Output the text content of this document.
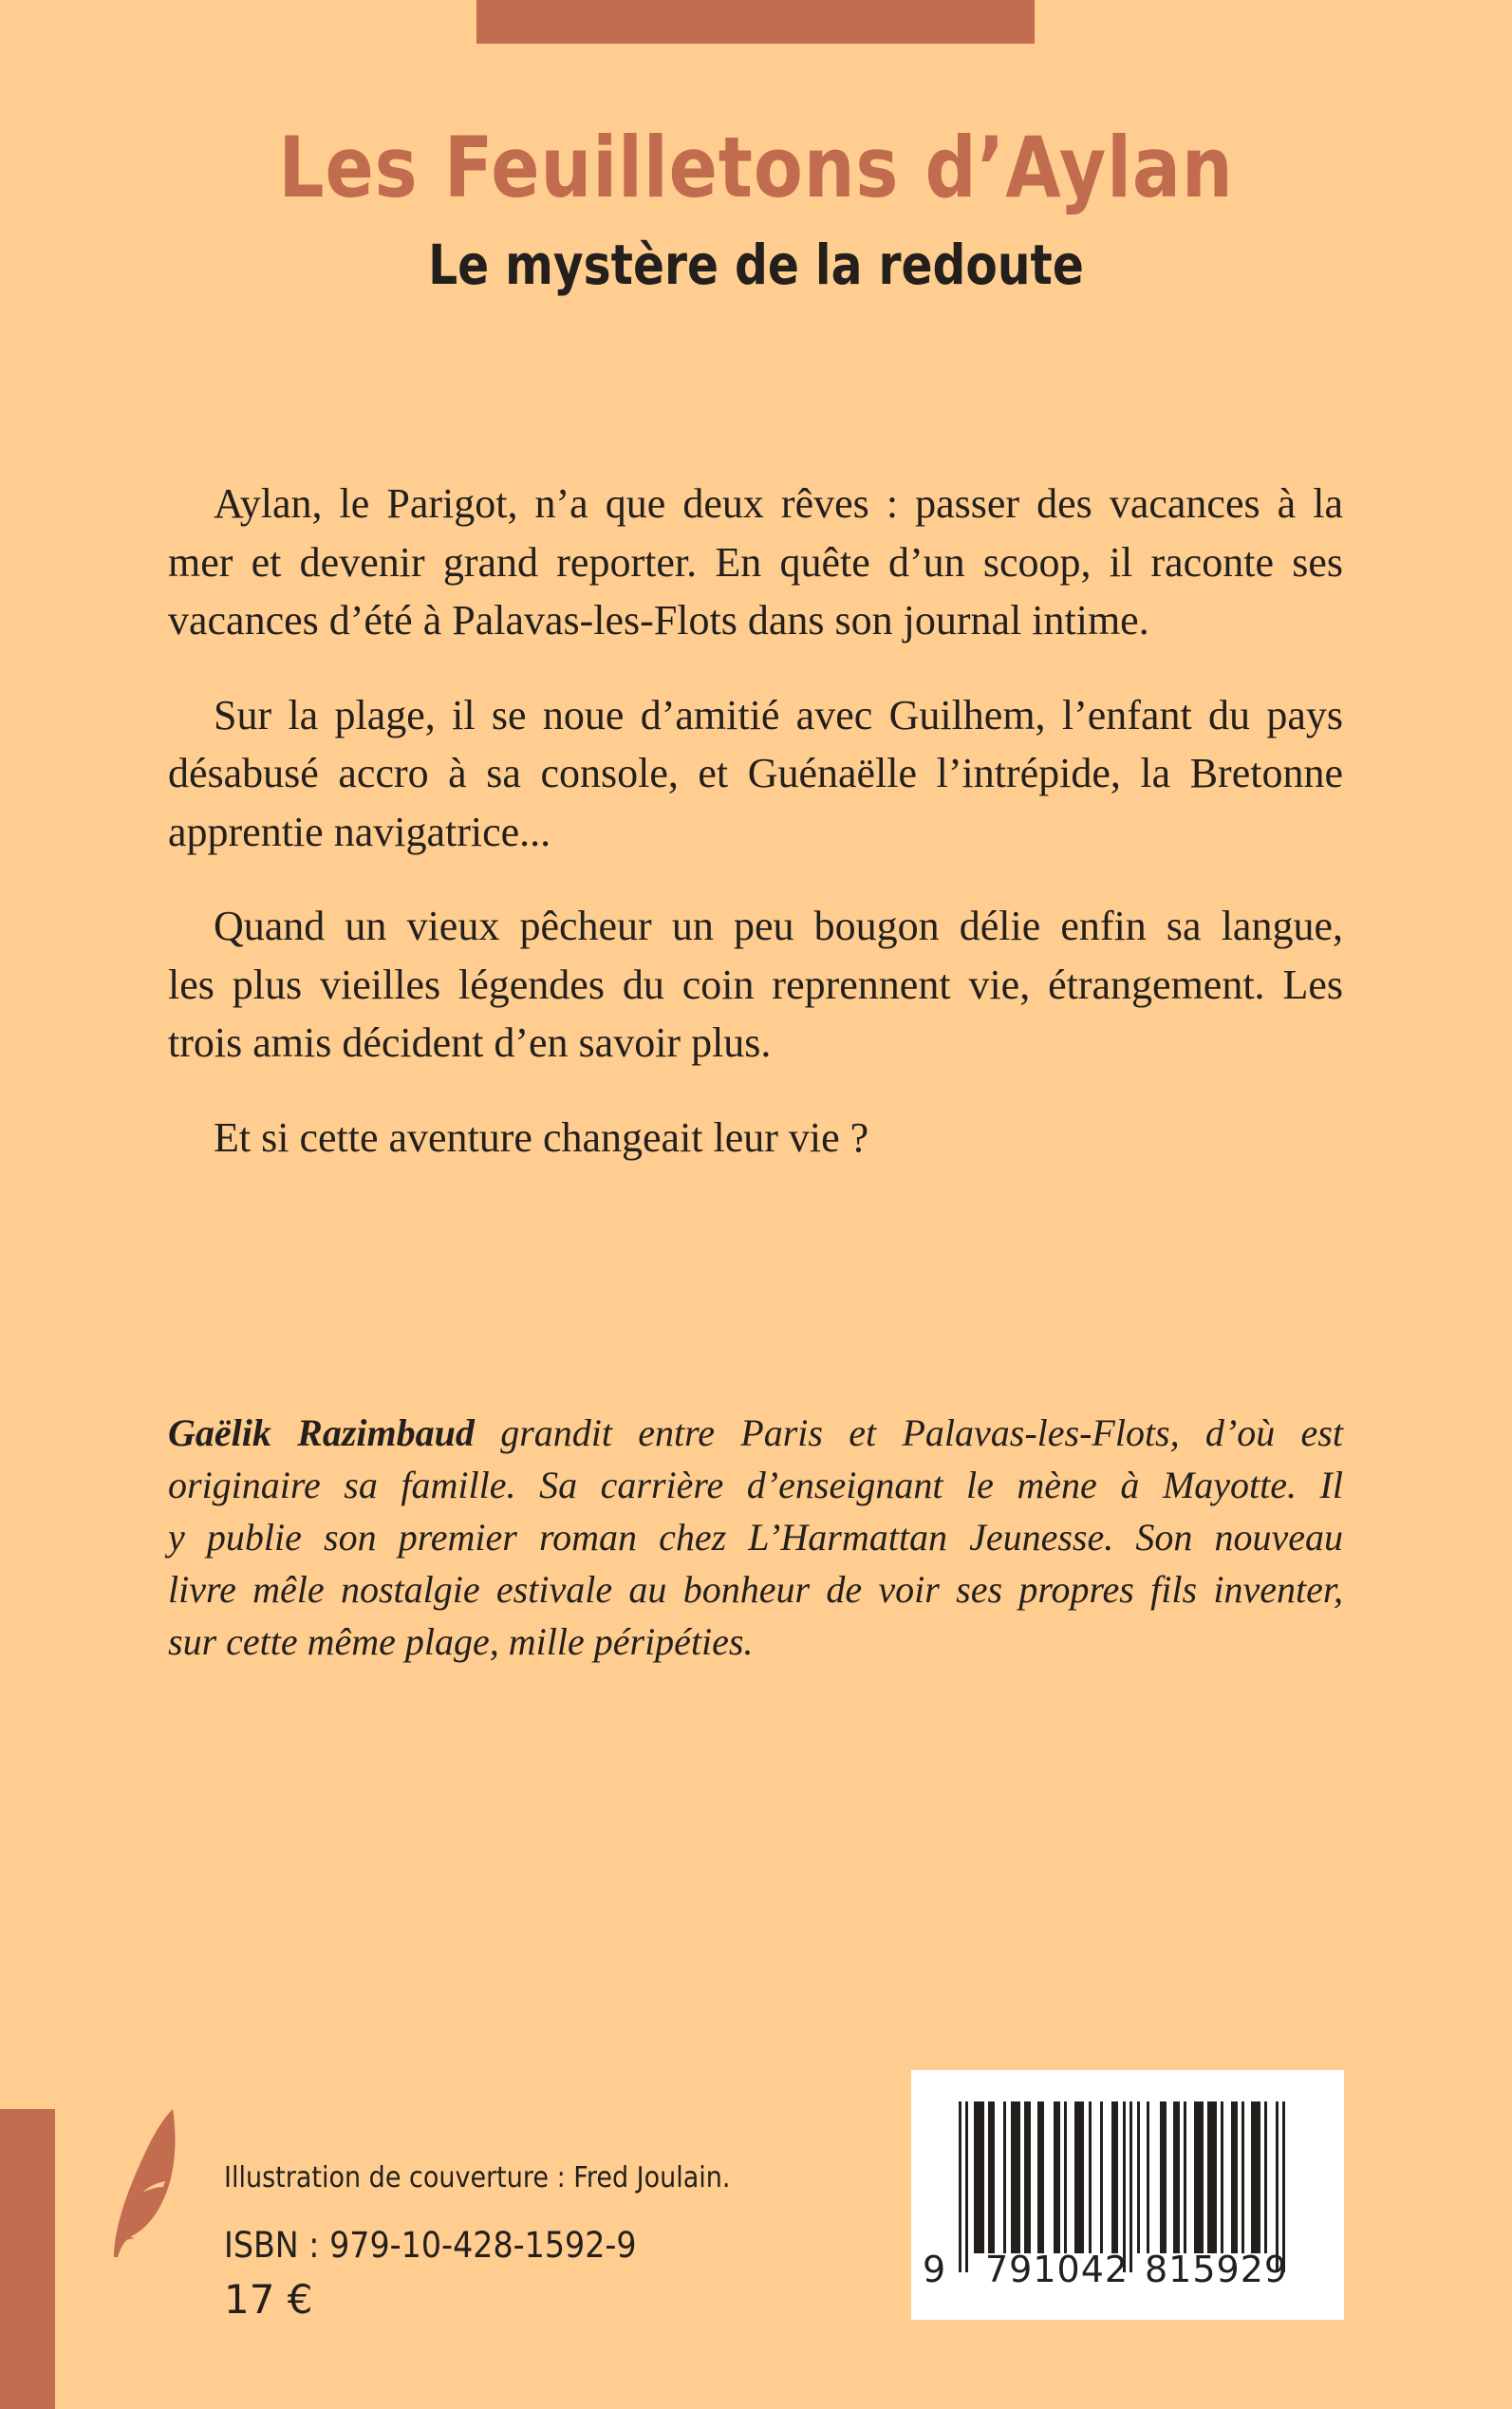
Les Feuilletons d’Aylan
Le mystère de la redoute
Aylan, le Parigot, n’a que deux rêves : passer des vacances à la
mer et devenir grand reporter. En quête d’un scoop, il raconte ses
vacances d’été à Palavas-les-Flots dans son journal intime.
Sur la plage, il se noue d’amitié avec Guilhem, l’enfant du pays
désabusé accro à sa console, et Guénaëlle l’intrépide, la Bretonne
apprentie navigatrice...
Quand un vieux pêcheur un peu bougon délie enfin sa langue,
les plus vieilles légendes du coin reprennent vie, étrangement. Les
trois amis décident d’en savoir plus.
Et si cette aventure changeait leur vie ?
Gaëlik Razimbaud grandit entre Paris et Palavas-les-Flots, d’où est
originaire sa famille. Sa carrière d’enseignant le mène à Mayotte. Il
y publie son premier roman chez L’Harmattan Jeunesse. Son nouveau
livre mêle nostalgie estivale au bonheur de voir ses propres fils inventer,
sur cette même plage, mille péripéties.
Illustration de couverture : Fred Joulain.
ISBN : 979-10-428-1592-9
17 €
9 791042 815929
